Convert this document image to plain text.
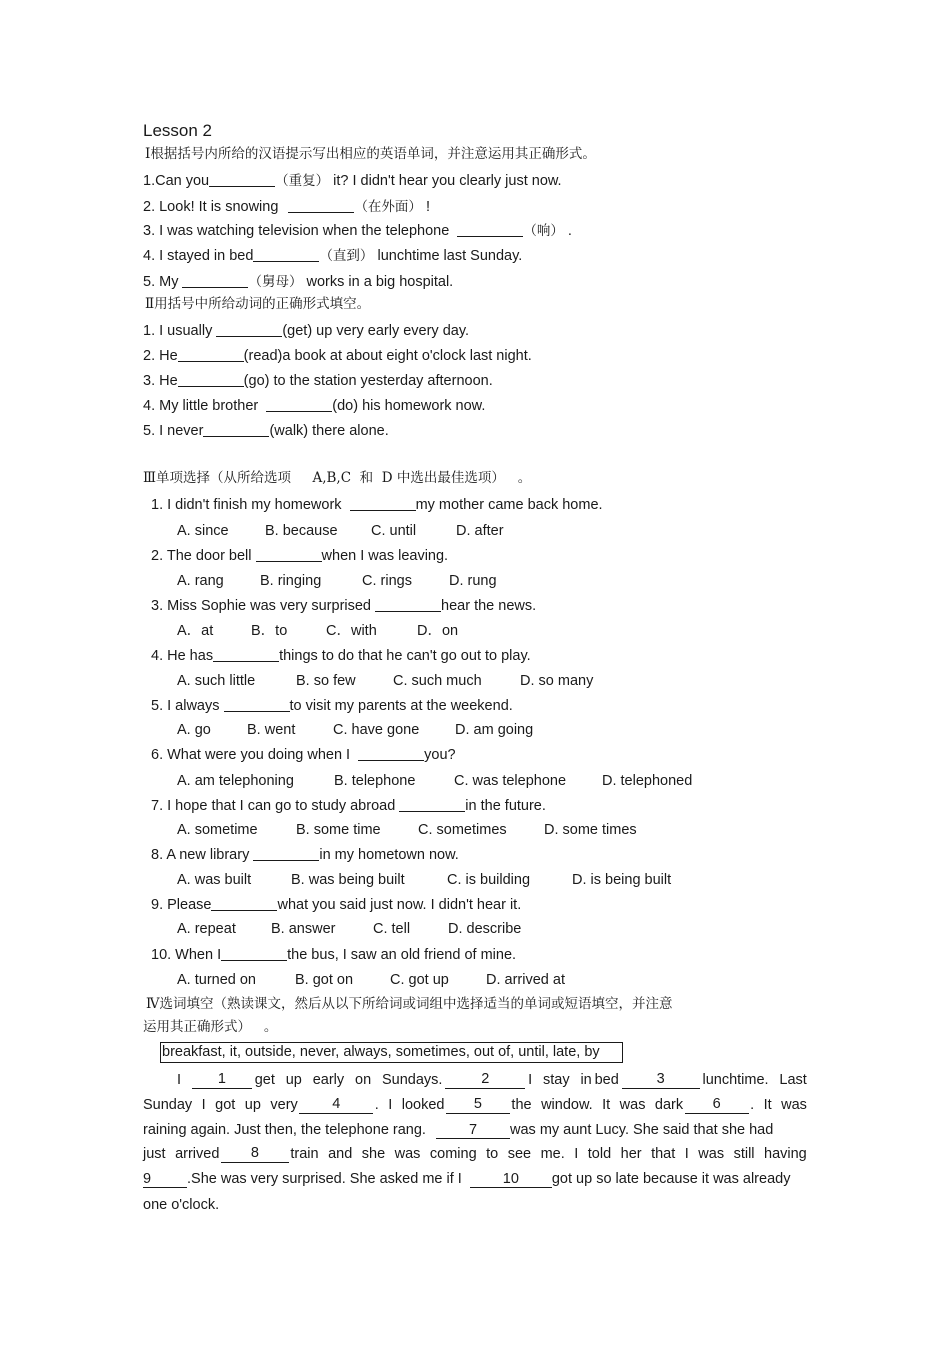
Lesson 2
Ⅰ根据括号内所给的汉语提示写出相应的英语单词，并注意运用其正确形式。
1.Can you	（重复） it? I didn't hear you clearly just now.
2. Look! It is snowing	（在外面） !
3. I was watching television when the telephone	（响） .
4. I stayed in bed	（直到） lunchtime last Sunday.
5. My	（舅母） works in a big hospital.
Ⅱ用括号中所给动词的正确形式填空。
1. I usually	(get) up very early every day.
2. He	(read)a book at about eight o'clock last night.
3. He	(go) to the station yesterday afternoon.
4. My little brother	(do) his homework now.
5. I never	(walk) there alone.
Ⅲ单项选择（从所给选项     A,B,C  和  D 中选出最佳选项）   。
1. I didn't finish my homework	my mother came back home.
A. since	B. because C. until	D. after
2. The door bell	when I was leaving.
A. rang	B. ringing	C. rings	D. rung
3. Miss Sophie was very surprised	hear the news.
A．at	B．to	C．with	D．on
4. He has	things to do that he can't go out to play.
A. such little	B. so few	C. such much	D. so many
5. I always	to visit my parents at the weekend.
A. go B. went	C. have gone D. am going
6. What were you doing when I	you?
A. am telephoning	B. telephone	C. was telephone D. telephoned
7. I hope that I can go to study abroad	in the future.
A. sometime	B. some time	C. sometimes	D. some times
8. A new library	in my hometown now.
A. was built	B. was being built	C. is building	D. is being built
9. Please	what you said just now. I didn't hear it.
A. repeat B. answer	C. tell	D. describe
10. When I	the bus, I saw an old friend of mine.
A. turned on	B. got on	C. got up	D. arrived at
Ⅳ选词填空（熟读课文，然后从以下所给词或词组中选择适当的单词或短语填空，并注意
运用其正确形式）   。
breakfast, it, outside, never, always, sometimes, out of, until, late, by
I	1	get up early on Sundays.	2	I stay in bed	3	lunchtime. Last
Sunday I got up very	4	. I looked	5	the window. It was dark	6	. It was
raining again. Just then, the telephone rang.	7 was my aunt Lucy. She said that she had
just arrived	8	train and she was coming to see me. I told her that I was still having
9 .She was very surprised. She asked me if I	10 got up so late because it was already
one o'clock.
